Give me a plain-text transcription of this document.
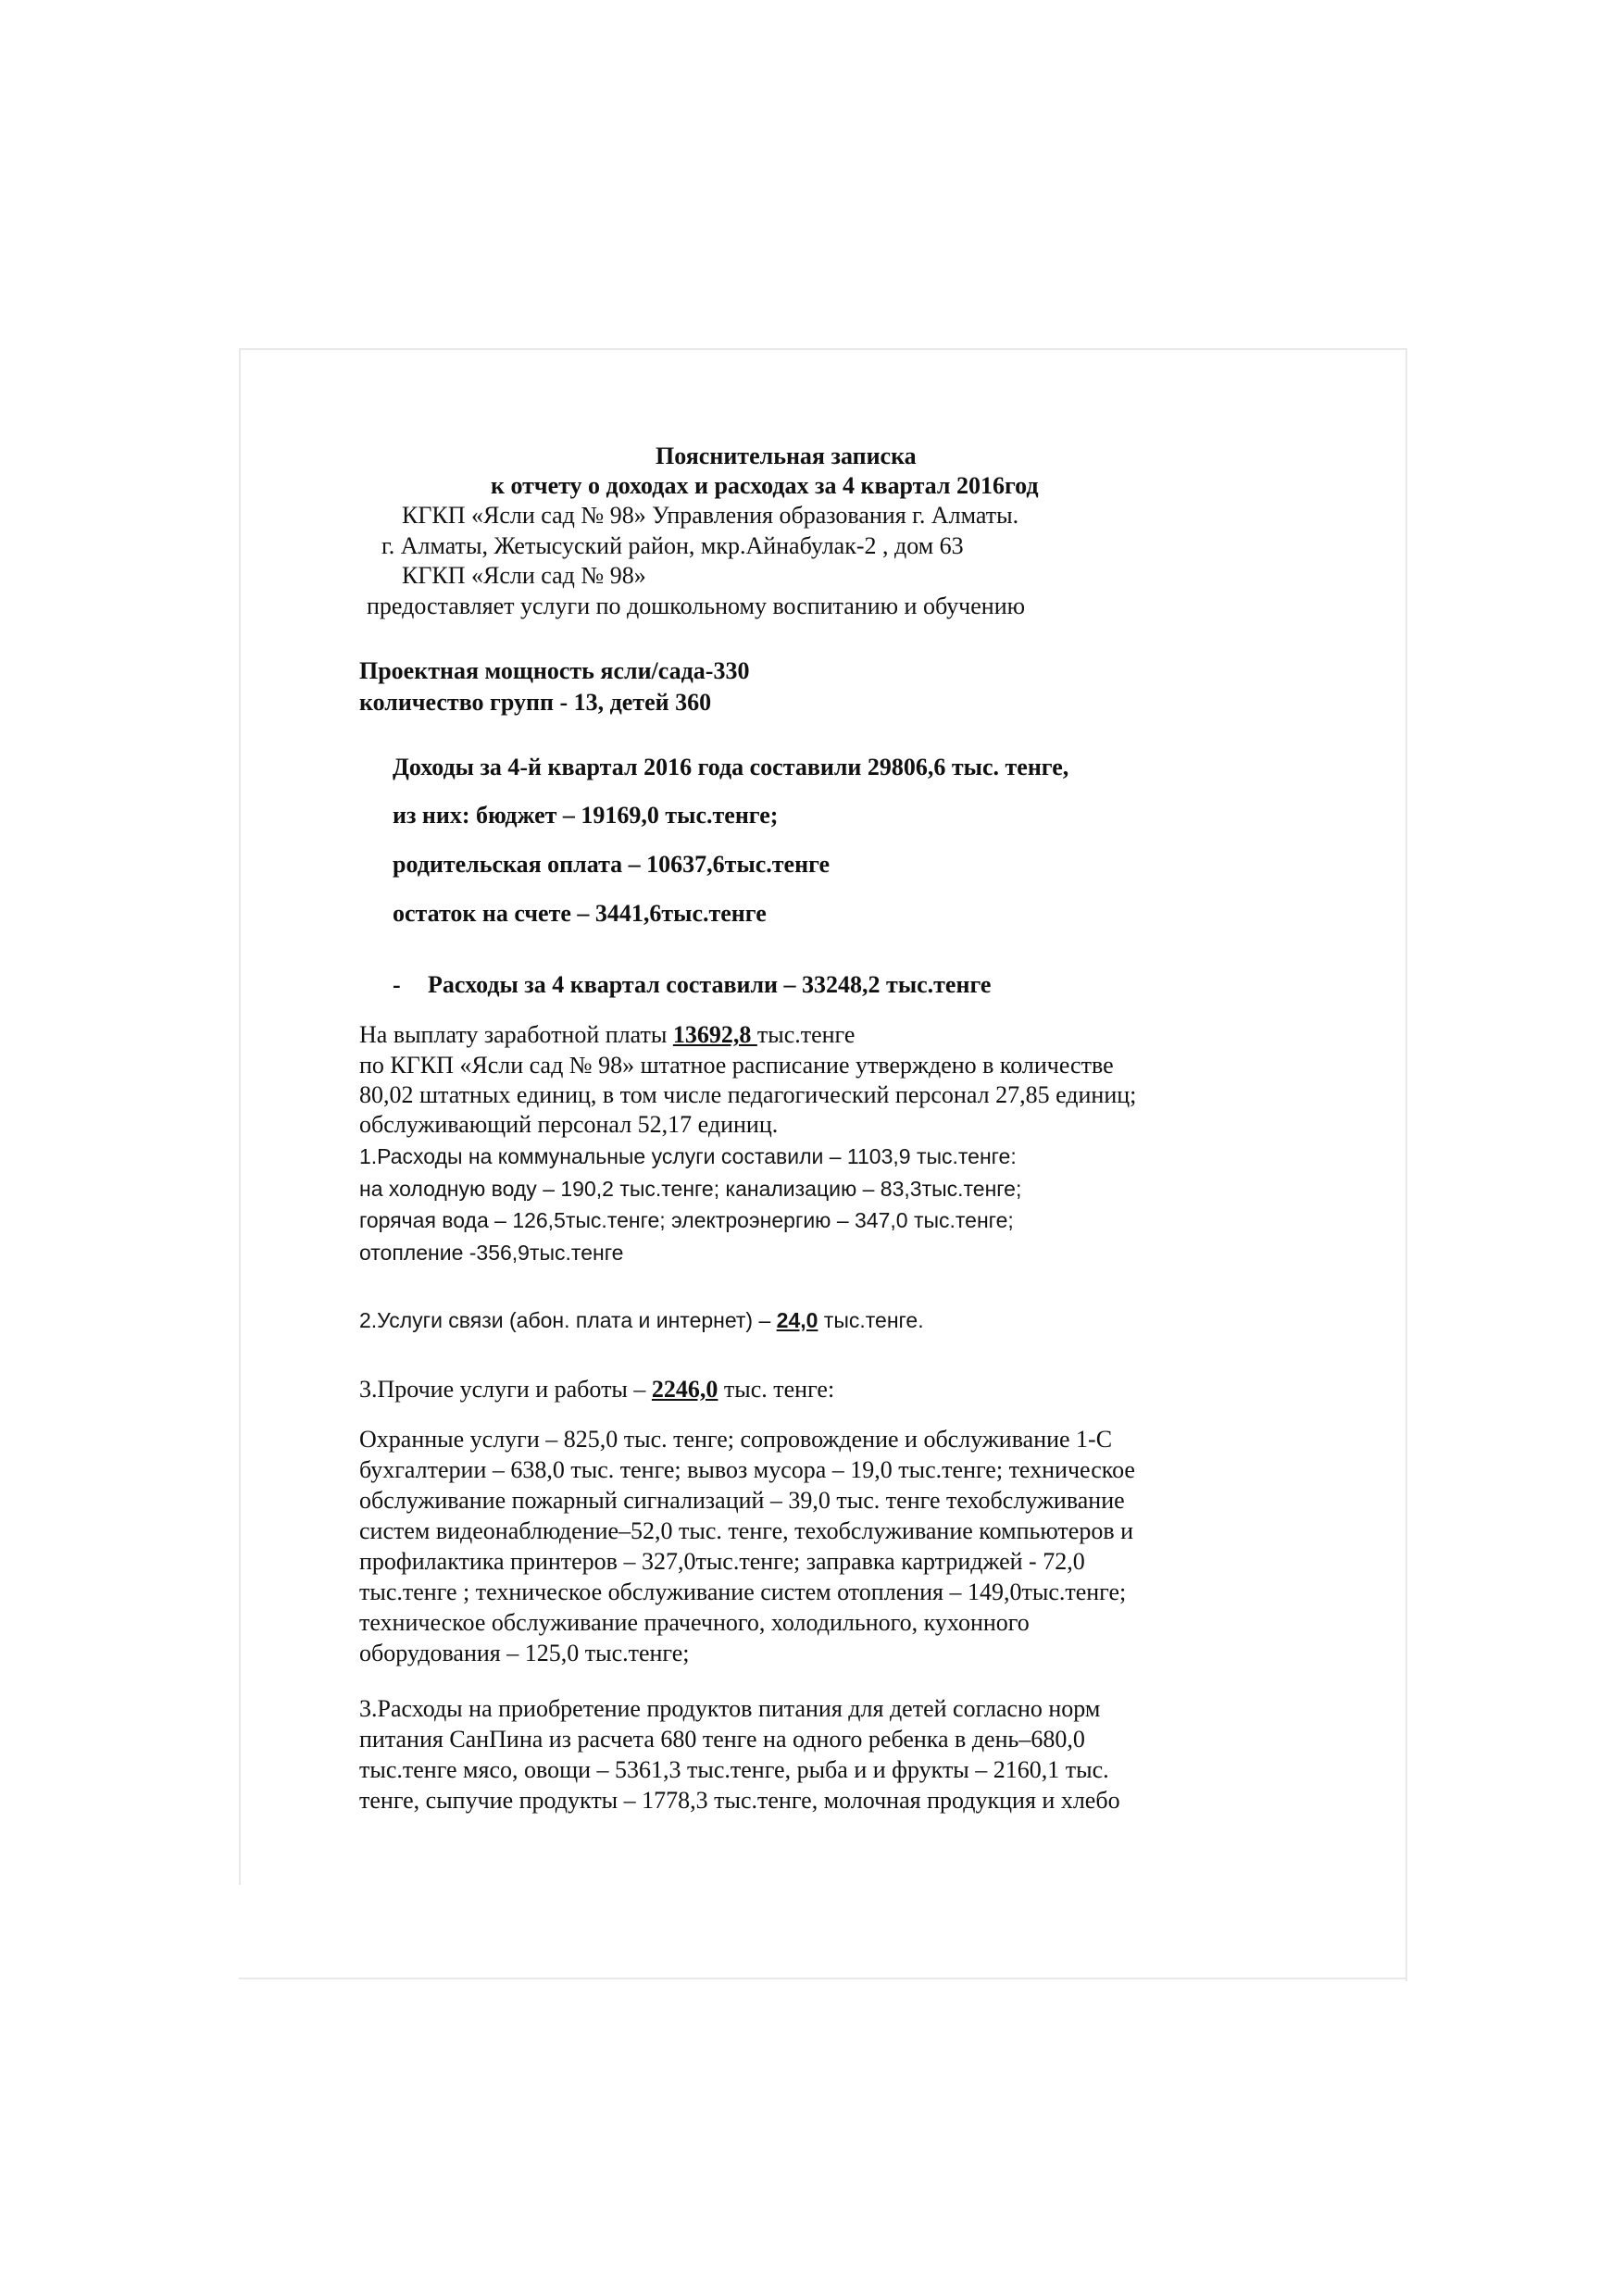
Пояснительная записка
к отчету о доходах и расходах за 4 квартал 2016год
КГКП «Ясли сад № 98» Управления образования г. Алматы.
г. Алматы, Жетысуский район, мкр.Айнабулак-2 , дом 63
КГКП «Ясли сад № 98»
предоставляет услуги по дошкольному воспитанию и обучению
Проектная мощность ясли/сада-330
количество групп - 13, детей 360
Доходы за 4-й квартал 2016 года составили 29806,6 тыс. тенге,
из них: бюджет – 19169,0 тыс.тенге;
родительская оплата – 10637,6тыс.тенге
остаток на счете – 3441,6тыс.тенге
- Расходы за 4 квартал составили – 33248,2 тыс.тенге
На выплату заработной платы 13692,8 тыс.тенге
по КГКП «Ясли сад № 98» штатное расписание утверждено в количестве
80,02 штатных единиц, в том числе педагогический персонал 27,85 единиц;
обслуживающий персонал 52,17 единиц.
1.Расходы на коммунальные услуги составили – 1103,9 тыс.тенге:
на холодную воду – 190,2 тыс.тенге; канализацию – 83,3тыс.тенге;
горячая вода – 126,5тыс.тенге; электроэнергию – 347,0 тыс.тенге;
отопление -356,9тыс.тенге
2.Услуги связи (абон. плата и интернет) – 24,0 тыс.тенге.
3.Прочие услуги и работы – 2246,0 тыс. тенге:
Охранные услуги – 825,0 тыс. тенге; сопровождение и обслуживание 1-С
бухгалтерии – 638,0 тыс. тенге; вывоз мусора – 19,0 тыс.тенге; техническое
обслуживание пожарный сигнализаций – 39,0 тыс. тенге техобслуживание
систем видеонаблюдение–52,0 тыс. тенге, техобслуживание компьютеров и
профилактика принтеров – 327,0тыс.тенге; заправка картриджей - 72,0
тыс.тенге ; техническое обслуживание систем отопления – 149,0тыс.тенге;
техническое обслуживание прачечного, холодильного, кухонного
оборудования – 125,0 тыс.тенге;
3.Расходы на приобретение продуктов питания для детей согласно норм
питания СанПина из расчета 680 тенге на одного ребенка в день–680,0
тыс.тенге мясо, овощи – 5361,3 тыс.тенге, рыба и и фрукты – 2160,1 тыс.
тенге, сыпучие продукты – 1778,3 тыс.тенге, молочная продукция и хлебо
